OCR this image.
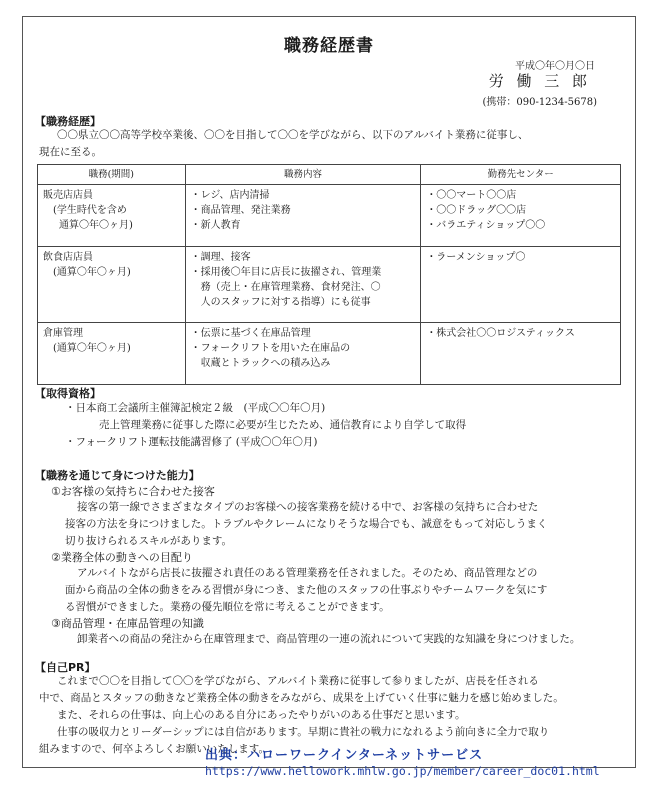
職務経歴書
平成〇年〇月〇日
労 働 三 郎
(携帯：090-1234-5678)
【職務経歴】
〇〇県立〇〇高等学校卒業後、〇〇を目指して〇〇を学びながら、以下のアルバイト業務に従事し、
現在に至る。
職務(期間)	職務内容	勤務先センター

販売店店員
(学生時代を含め
通算〇年〇ヶ月)	・レジ、店内清掃
・商品管理、発注業務
・新人教育	・〇〇マート〇〇店
・〇〇ドラッグ〇〇店
・バラエティショップ〇〇

飲食店店員
(通算〇年〇ヶ月)	・調理、接客
・採用後〇年目に店長に抜擢され、管理業
務（売上・在庫管理業務、食材発注、〇
人のスタッフに対する指導）にも従事	・ラーメンショップ〇

倉庫管理
(通算〇年〇ヶ月)	・伝票に基づく在庫品管理
・フォークリフトを用いた在庫品の
収蔵とトラックへの積み込み	・株式会社〇〇ロジスティックス
【取得資格】
・日本商工会議所主催簿記検定２級　(平成〇〇年〇月)
売上管理業務に従事した際に必要が生じたため、通信教育により自学して取得
・フォークリフト運転技能講習修了 (平成〇〇年〇月)
【職務を通じて身につけた能力】
①お客様の気持ちに合わせた接客
接客の第一線でさまざまなタイプのお客様への接客業務を続ける中で、お客様の気持ちに合わせた
接客の方法を身につけました。トラブルやクレームになりそうな場合でも、誠意をもって対応しうまく
切り抜けられるスキルがあります。
②業務全体の動きへの目配り
アルバイトながら店長に抜擢され責任のある管理業務を任されました。そのため、商品管理などの
面から商品の全体の動きをみる習慣が身につき、また他のスタッフの仕事ぶりやチームワークを気にす
る習慣ができました。業務の優先順位を常に考えることができます。
③商品管理・在庫品管理の知識
卸業者への商品の発注から在庫管理まで、商品管理の一連の流れについて実践的な知識を身につけました。
【自己PR】
これまで〇〇を目指して〇〇を学びながら、アルバイト業務に従事して参りましたが、店長を任される
中で、商品とスタッフの動きなど業務全体の動きをみながら、成果を上げていく仕事に魅力を感じ始めました。
また、それらの仕事は、向上心のある自分にあったやりがいのある仕事だと思います。
仕事の吸収力とリーダーシップには自信があります。早期に貴社の戦力になれるよう前向きに全力で取り
組みますので、何卒よろしくお願いいたします。
出典：ハローワークインターネットサービス
https://www.hellowork.mhlw.go.jp/member/career_doc01.html
